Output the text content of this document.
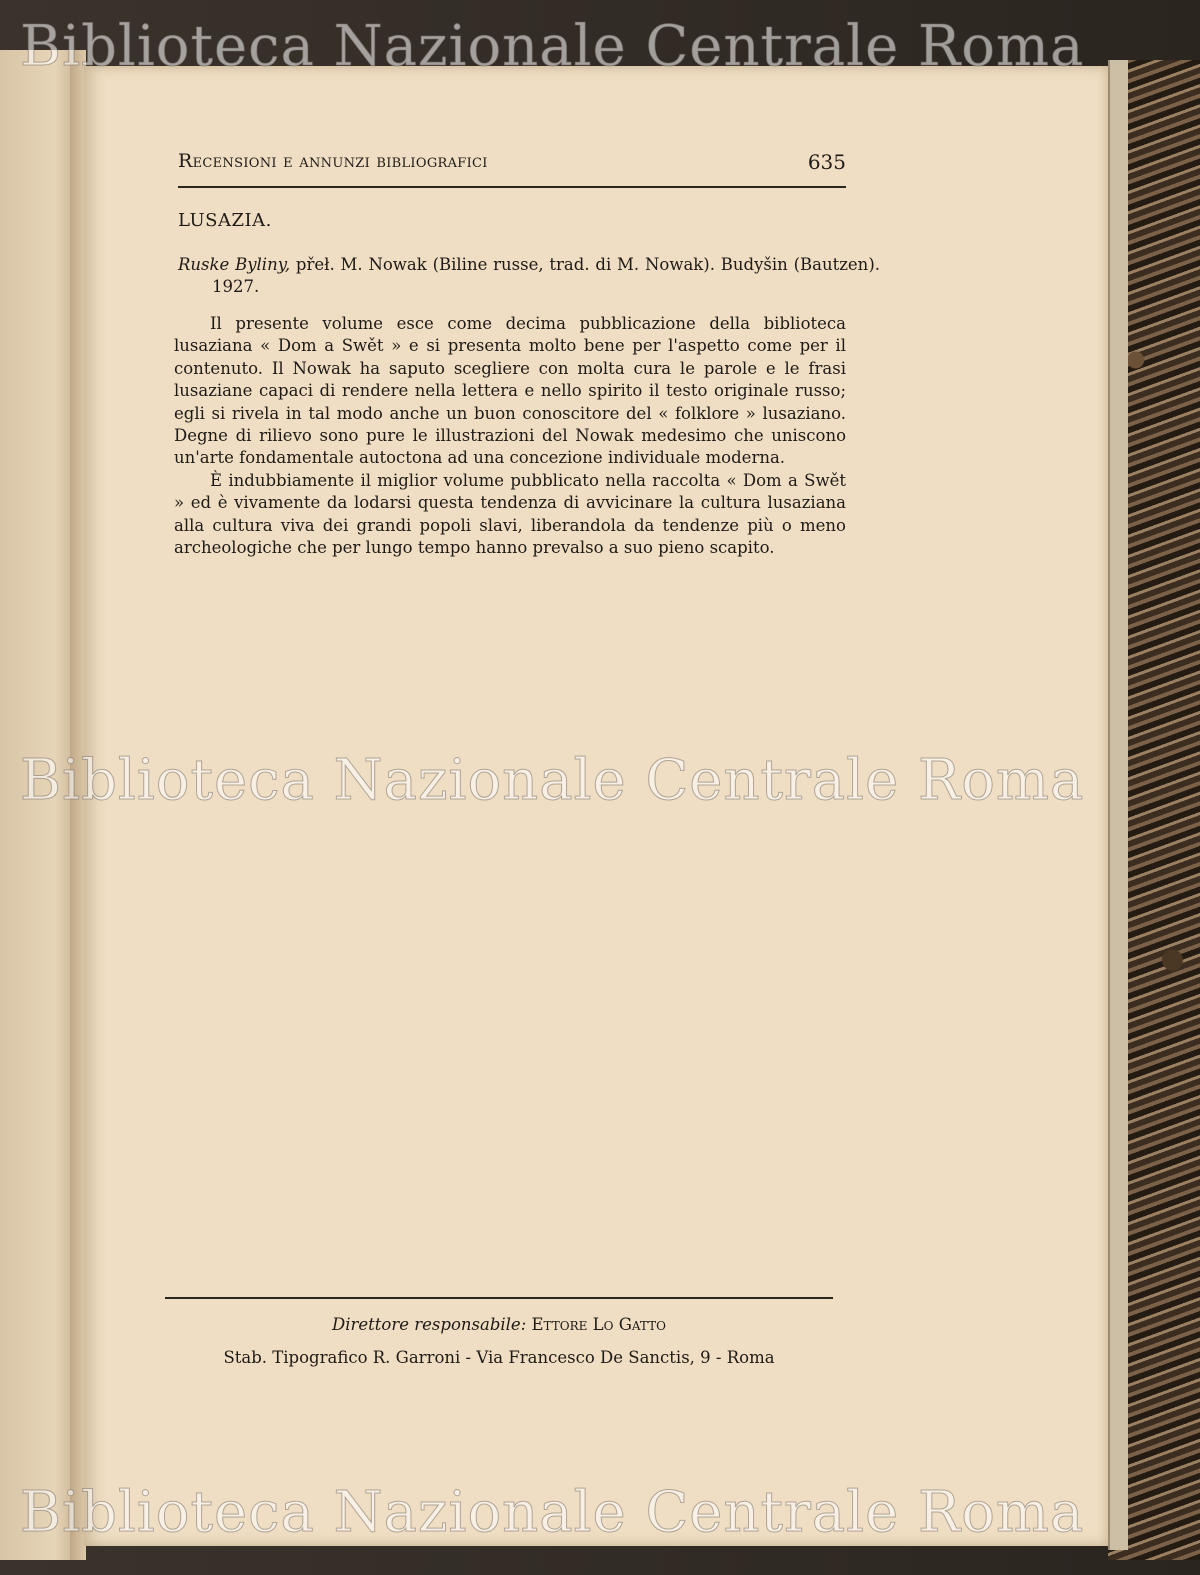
Recensioni e annunzi bibliografici	635
LUSAZIA.
Ruske Byliny, přeł. M. Nowak (Biline russe, trad. di M. Nowak). Budyšin (Bautzen). 1927.

Il presente volume esce come decima pubblicazione della biblioteca lusaziana « Dom a Swět » e si presenta molto bene per l'aspetto come per il contenuto. Il Nowak ha saputo scegliere con molta cura le parole e le frasi lusaziane capaci di rendere nella lettera e nello spirito il testo originale russo; egli si rivela in tal modo anche un buon conoscitore del « folklore » lusaziano. Degne di rilievo sono pure le illustrazioni del Nowak medesimo che uniscono un'arte fondamentale autoctona ad una concezione individuale moderna.

È indubbiamente il miglior volume pubblicato nella raccolta « Dom a Swět » ed è vivamente da lodarsi questa tendenza di avvicinare la cultura lusaziana alla cultura viva dei grandi popoli slavi, liberandola da tendenze più o meno archeologiche che per lungo tempo hanno prevalso a suo pieno scapito.

Direttore responsabile: Ettore Lo Gatto
Stab. Tipografico R. Garroni - Via Francesco De Sanctis, 9 - Roma
Biblioteca Nazionale Centrale Roma
Biblioteca Nazionale Centrale Roma
Biblioteca Nazionale Centrale Roma
